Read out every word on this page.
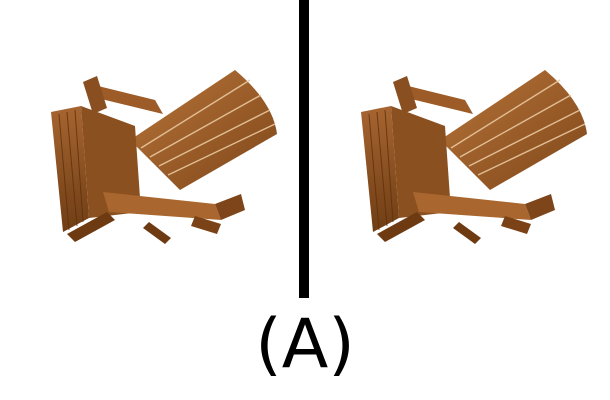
(A)
